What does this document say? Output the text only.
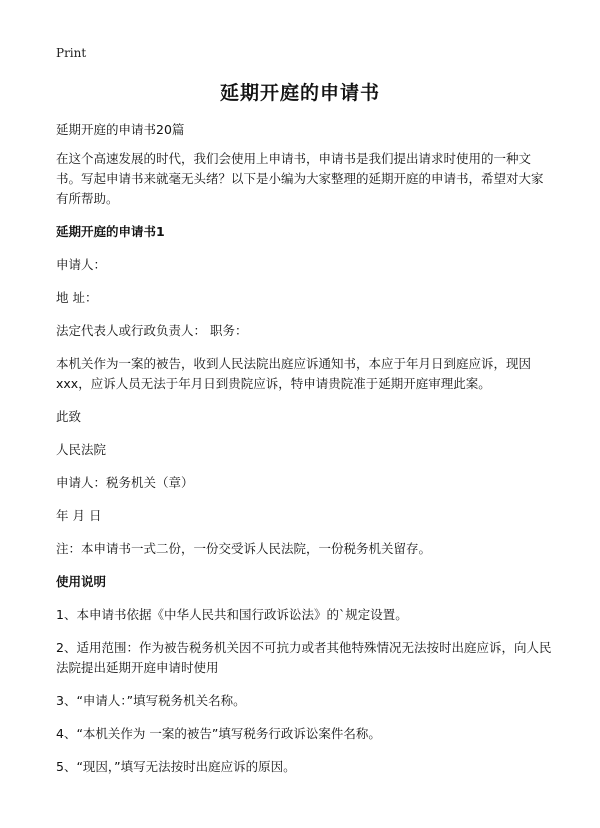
Print
延期开庭的申请书

延期开庭的申请书20篇

在这个高速发展的时代，我们会使用上申请书，申请书是我们提出请求时使用的一种文书。写起申请书来就毫无头绪？以下是小编为大家整理的延期开庭的申请书，希望对大家有所帮助。

延期开庭的申请书1

申请人：

地 址：

法定代表人或行政负责人： 职务：

本机关作为一案的被告，收到人民法院出庭应诉通知书，本应于年月日到庭应诉，现因 xxx，应诉人员无法于年月日到贵院应诉，特申请贵院准于延期开庭审理此案。

此致

人民法院

申请人：税务机关（章）

年 月 日

注：本申请书一式二份，一份交受诉人民法院，一份税务机关留存。

使用说明

1、本申请书依据《中华人民共和国行政诉讼法》的`规定设置。

2、适用范围：作为被告税务机关因不可抗力或者其他特殊情况无法按时出庭应诉，向人民法院提出延期开庭申请时使用

3、“申请人：”填写税务机关名称。

4、“本机关作为 一案的被告”填写税务行政诉讼案件名称。

5、“现因，”填写无法按时出庭应诉的原因。
